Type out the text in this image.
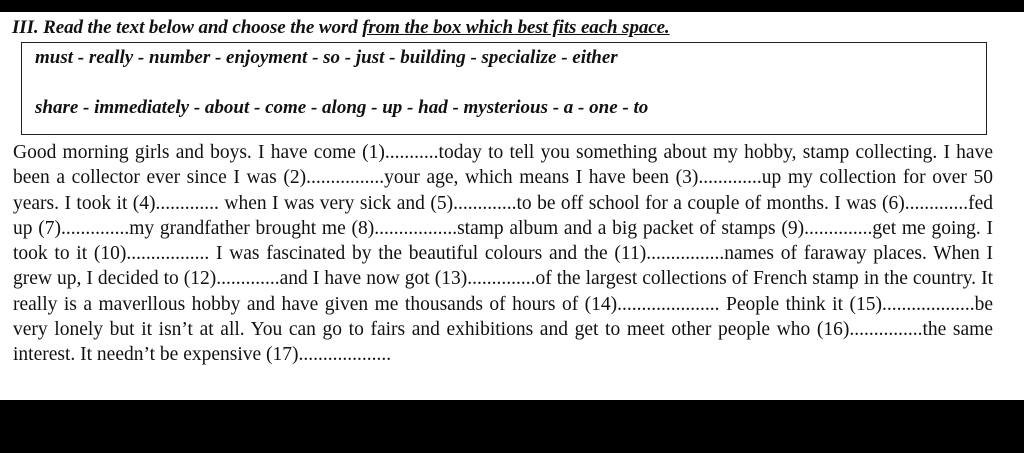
III. Read the text below and choose the word from the box which best fits each space.
must - really - number - enjoyment - so - just - building - specialize - either
share - immediately - about - come - along - up - had - mysterious - a - one - to

Good morning girls and boys. I have come (1)...........today to tell you something about my hobby, stamp collecting. I have been a collector ever since I was (2)................your age, which means I have been (3).............up my collection for over 50 years. I took it (4)............. when I was very sick and (5).............to be off school for a couple of months. I was (6).............fed up (7)..............my grandfather brought me (8).................stamp album and a big packet of stamps (9)..............get me going. I took to it (10)................. I was fascinated by the beautiful colours and the (11)................names of faraway places. When I grew up, I decided to (12).............and I have now got (13)..............of the largest collections of French stamp in the country. It really is a maverllous hobby and have given me thousands of hours of (14)..................... People think it (15)...................be very lonely but it isn’t at all. You can go to fairs and exhibitions and get to meet other people who (16)...............the same interest. It needn’t be expensive (17)...................
